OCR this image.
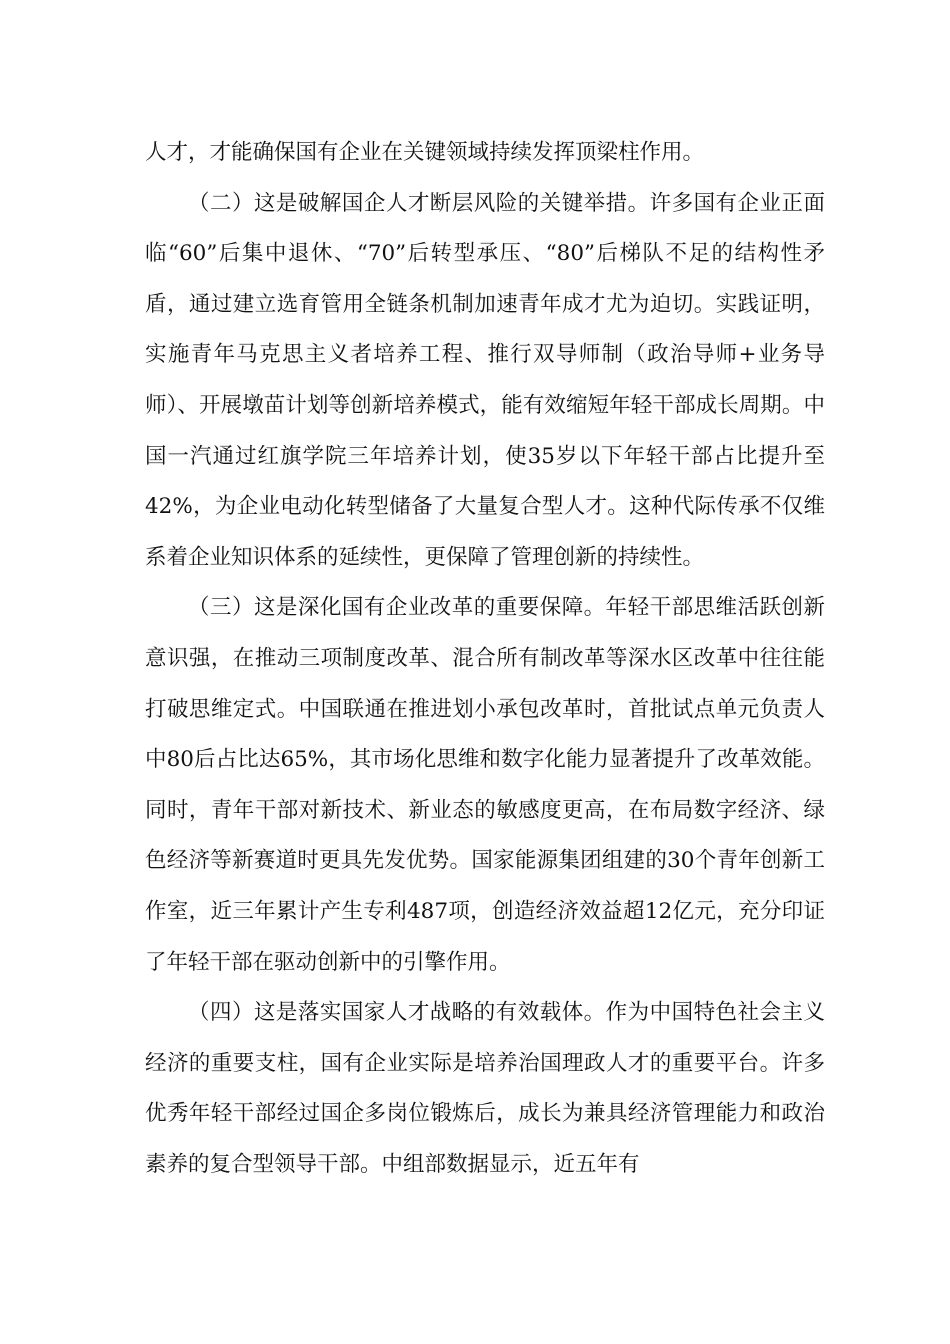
人才，才能确保国有企业在关键领域持续发挥顶梁柱作用。

（二）这是破解国企人才断层风险的关键举措。许多国有企业正面临“60”后集中退休、“70”后转型承压、“80”后梯队不足的结构性矛盾，通过建立选育管用全链条机制加速青年成才尤为迫切。实践证明，实施青年马克思主义者培养工程、推行双导师制（政治导师+业务导师）、开展墩苗计划等创新培养模式，能有效缩短年轻干部成长周期。中国一汽通过红旗学院三年培养计划，使35岁以下年轻干部占比提升至42%，为企业电动化转型储备了大量复合型人才。这种代际传承不仅维系着企业知识体系的延续性，更保障了管理创新的持续性。

（三）这是深化国有企业改革的重要保障。年轻干部思维活跃创新意识强，在推动三项制度改革、混合所有制改革等深水区改革中往往能打破思维定式。中国联通在推进划小承包改革时，首批试点单元负责人中80后占比达65%，其市场化思维和数字化能力显著提升了改革效能。同时，青年干部对新技术、新业态的敏感度更高，在布局数字经济、绿色经济等新赛道时更具先发优势。国家能源集团组建的30个青年创新工作室，近三年累计产生专利487项，创造经济效益超12亿元，充分印证了年轻干部在驱动创新中的引擎作用。

（四）这是落实国家人才战略的有效载体。作为中国特色社会主义经济的重要支柱，国有企业实际是培养治国理政人才的重要平台。许多优秀年轻干部经过国企多岗位锻炼后，成长为兼具经济管理能力和政治素养的复合型领导干部。中组部数据显示，近五年有
